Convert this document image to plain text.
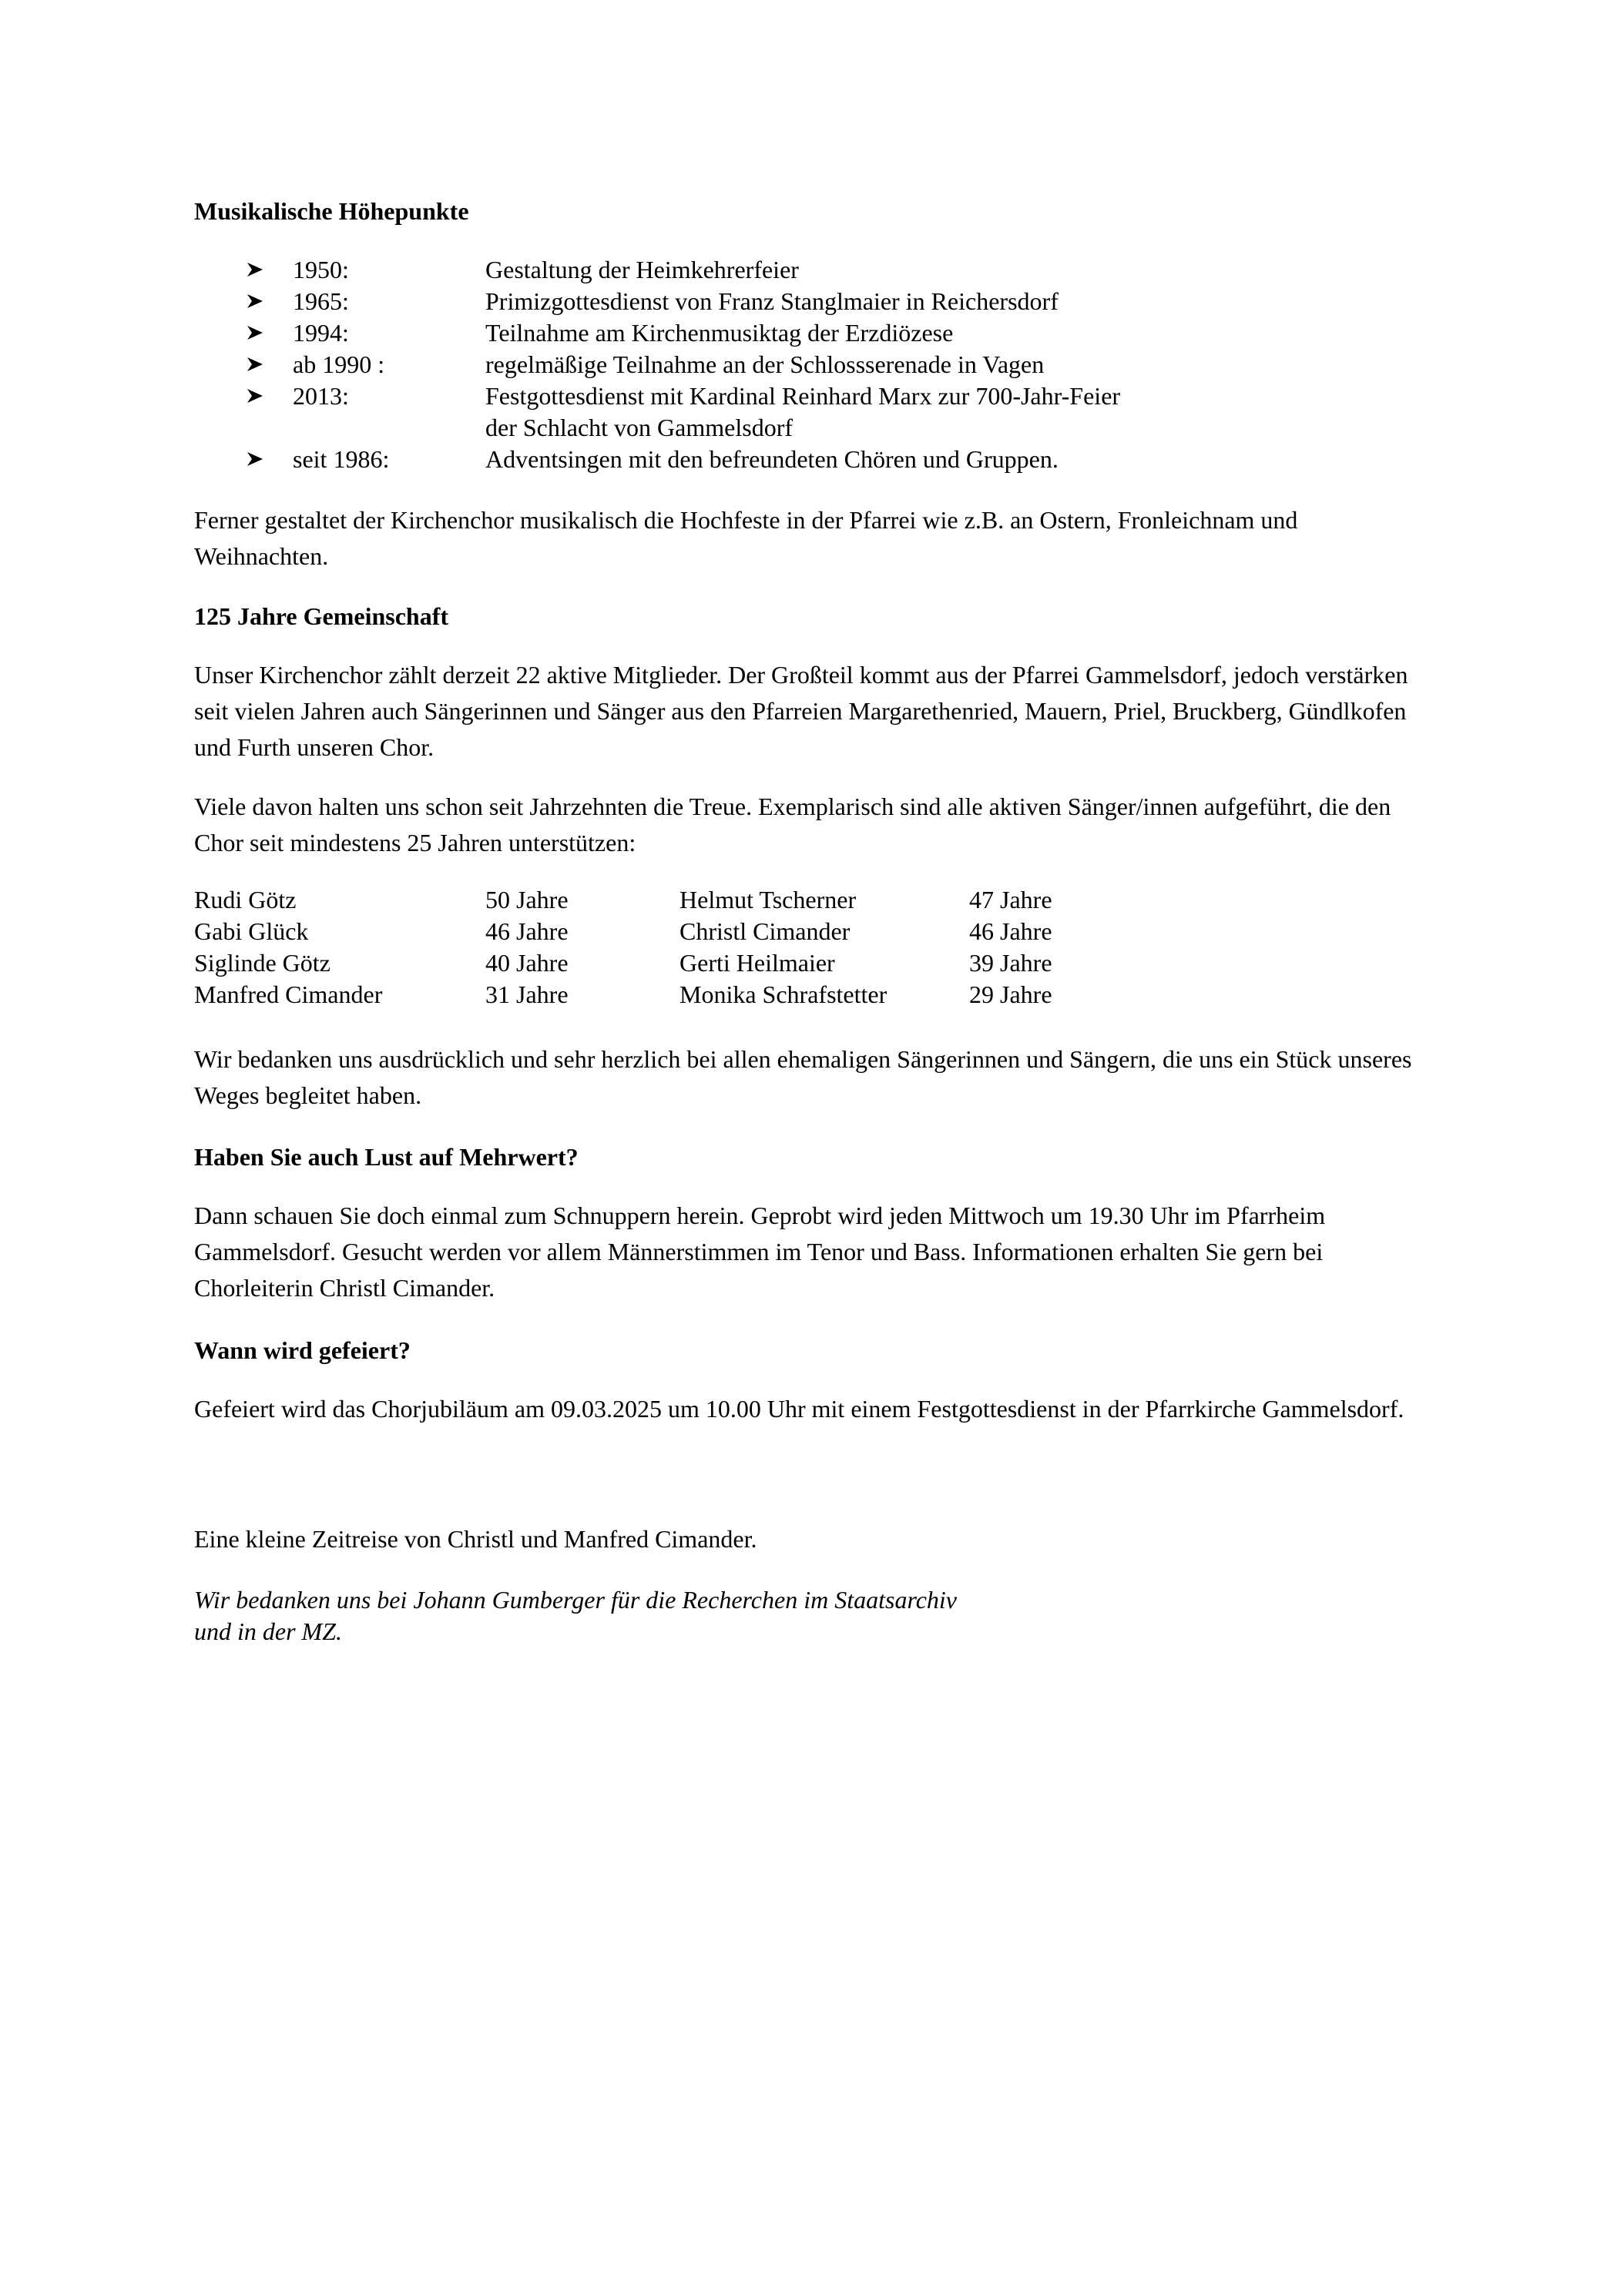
Musikalische Höhepunkte
1950:	Gestaltung der Heimkehrerfeier
1965:	Primizgottesdienst von Franz Stanglmaier in Reichersdorf
1994:	Teilnahme am Kirchenmusiktag der Erzdiözese
ab 1990 :	regelmäßige Teilnahme an der Schlossserenade in Vagen
2013:	Festgottesdienst mit Kardinal Reinhard Marx zur 700-Jahr-Feier
der Schlacht von Gammelsdorf
seit 1986:	Adventsingen mit den befreundeten Chören und Gruppen.

Ferner gestaltet der Kirchenchor musikalisch die Hochfeste in der Pfarrei wie z.B. an Ostern, Fronleichnam und Weihnachten.

125 Jahre Gemeinschaft

Unser Kirchenchor zählt derzeit 22 aktive Mitglieder. Der Großteil kommt aus der Pfarrei Gammelsdorf, jedoch verstärken seit vielen Jahren auch Sängerinnen und Sänger aus den Pfarreien Margarethenried, Mauern, Priel, Bruckberg, Gündlkofen und Furth unseren Chor.

Viele davon halten uns schon seit Jahrzehnten die Treue. Exemplarisch sind alle aktiven Sänger/innen aufgeführt, die den Chor seit mindestens 25 Jahren unterstützen:

Rudi Götz	50 Jahre	Helmut Tscherner	47 Jahre
Gabi Glück	46 Jahre	Christl Cimander	46 Jahre
Siglinde Götz	40 Jahre	Gerti Heilmaier	39 Jahre
Manfred Cimander	31 Jahre	Monika Schrafstetter	29 Jahre

Wir bedanken uns ausdrücklich und sehr herzlich bei allen ehemaligen Sängerinnen und Sängern, die uns ein Stück unseres Weges begleitet haben.

Haben Sie auch Lust auf Mehrwert?

Dann schauen Sie doch einmal zum Schnuppern herein. Geprobt wird jeden Mittwoch um 19.30 Uhr im Pfarrheim Gammelsdorf. Gesucht werden vor allem Männerstimmen im Tenor und Bass. Informationen erhalten Sie gern bei Chorleiterin Christl Cimander.

Wann wird gefeiert?

Gefeiert wird das Chorjubiläum am 09.03.2025 um 10.00 Uhr mit einem Festgottesdienst in der Pfarrkirche Gammelsdorf.

Eine kleine Zeitreise von Christl und Manfred Cimander.

Wir bedanken uns bei Johann Gumberger für die Recherchen im Staatsarchiv
und in der MZ.
